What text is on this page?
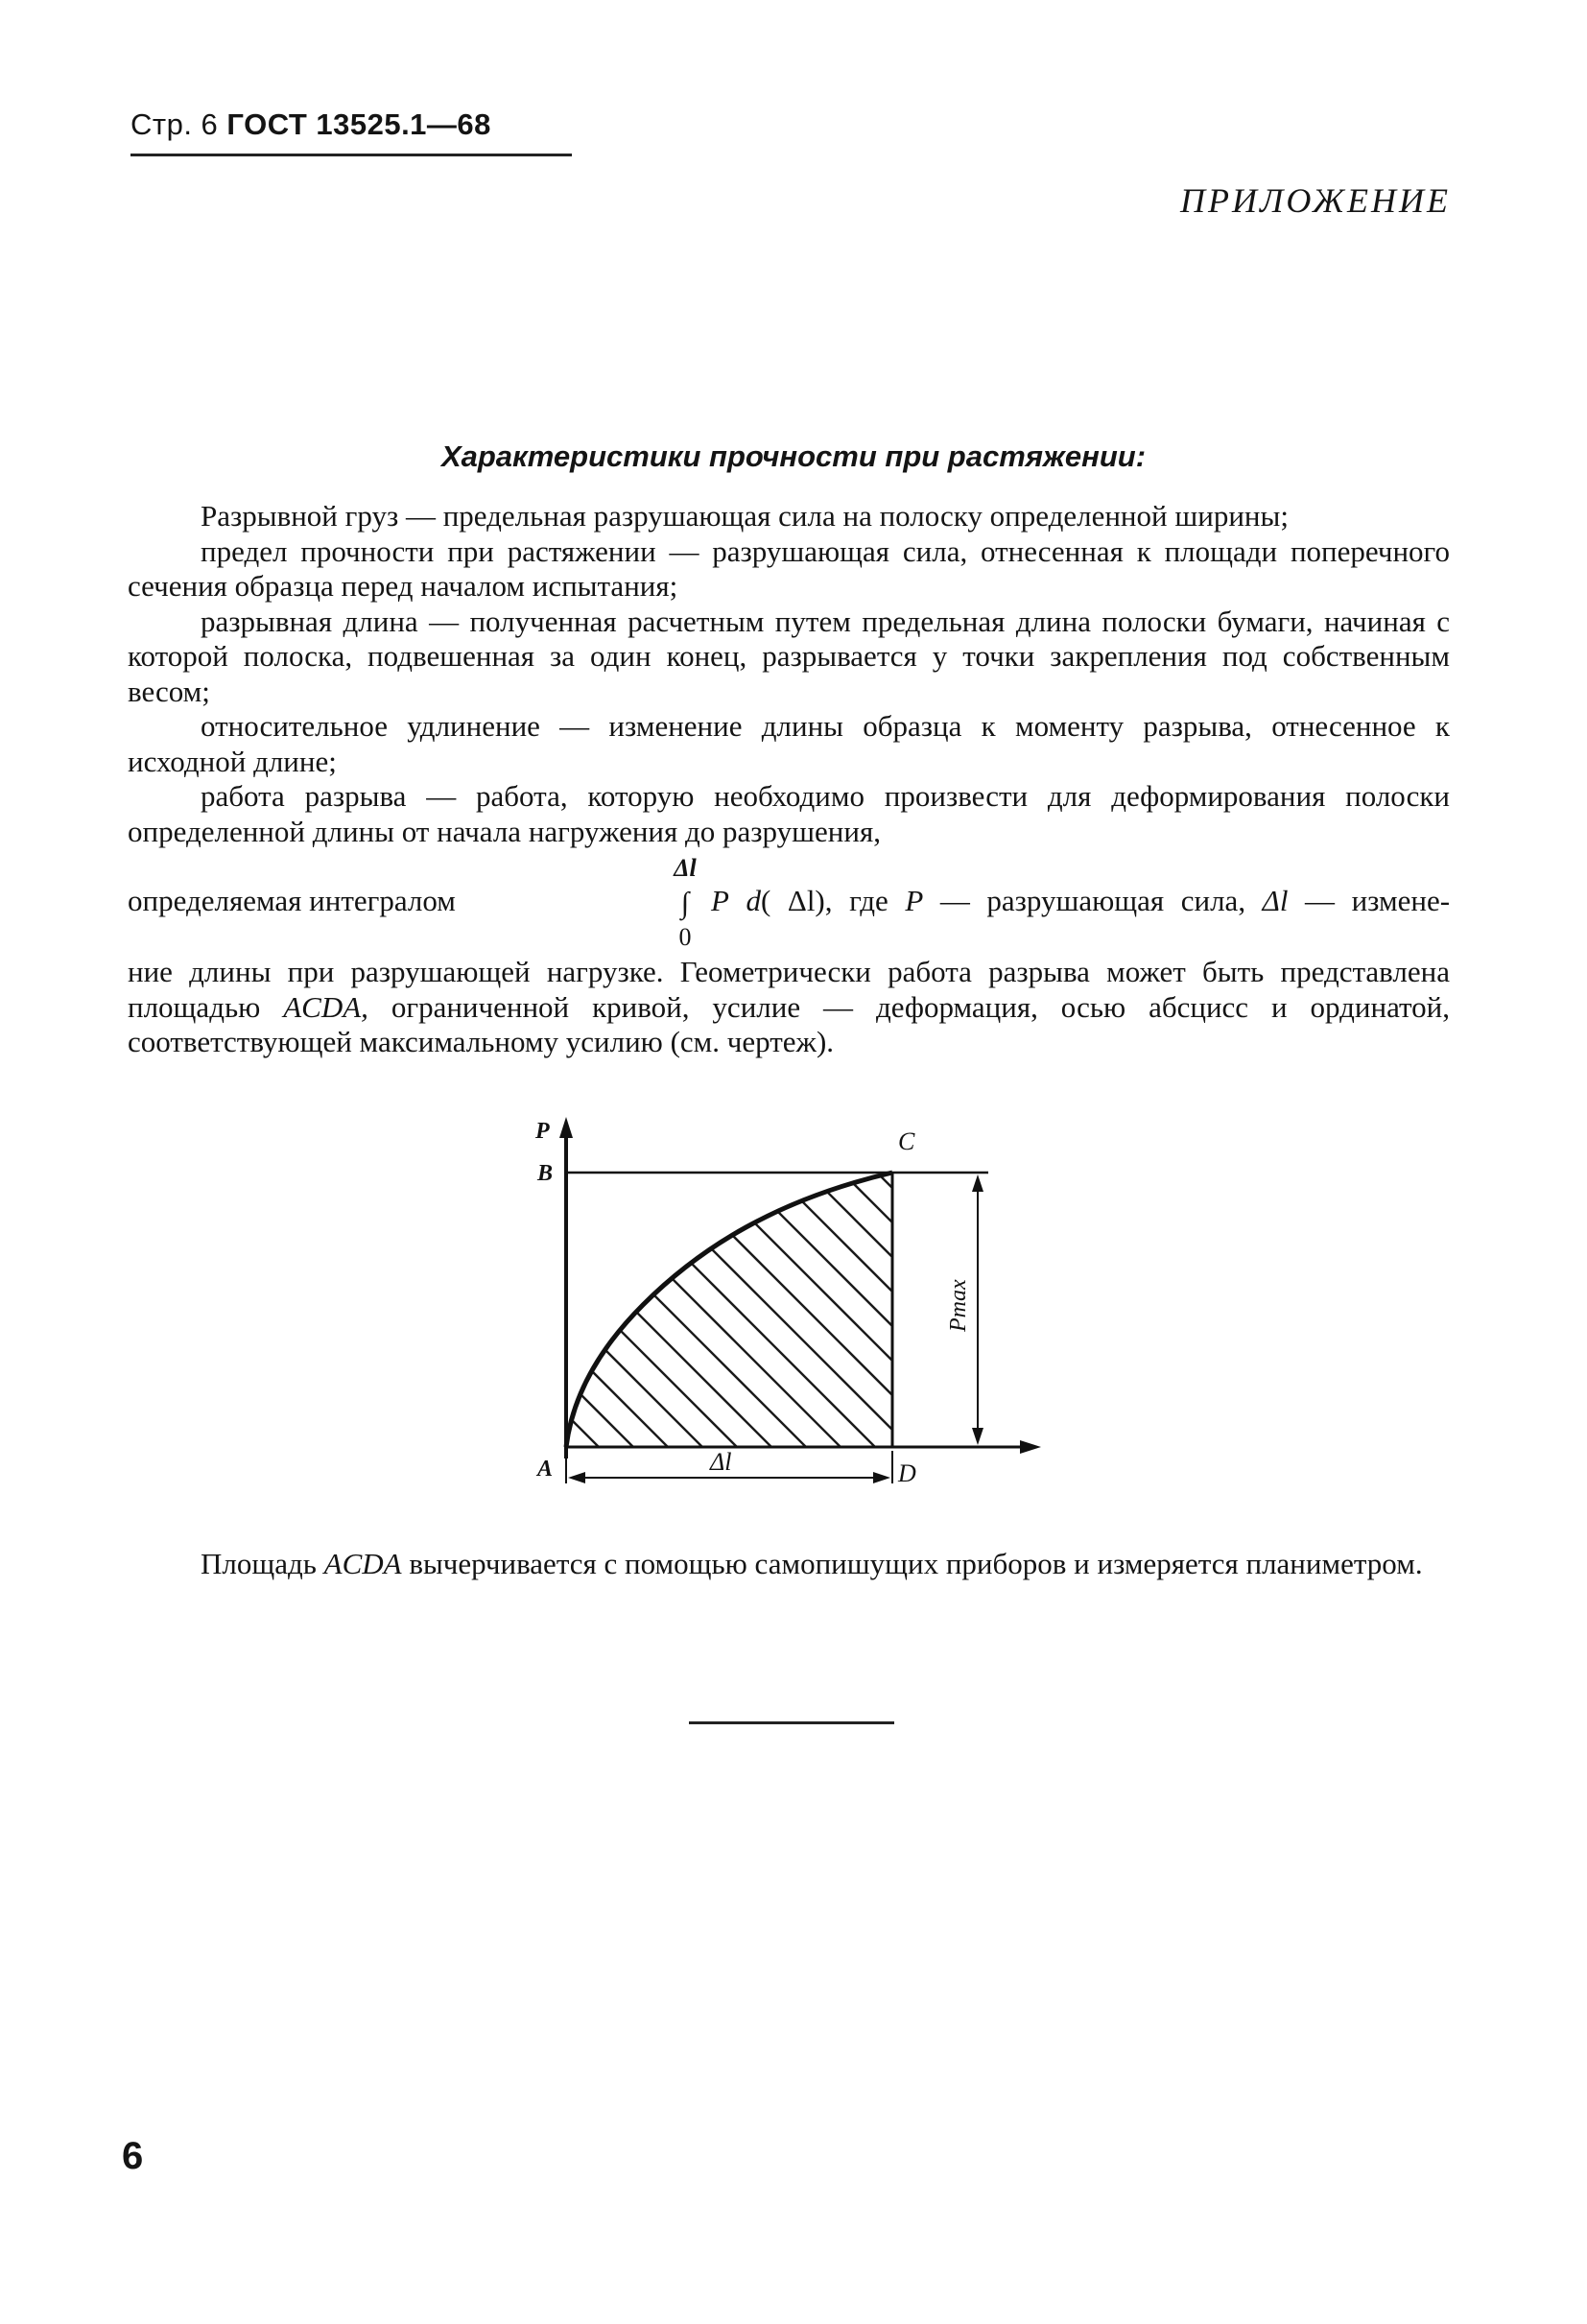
Стр. 6 ГОСТ 13525.1—68
ПРИЛОЖЕНИЕ
Характеристики прочности при растяжении:

Разрывной груз — предельная разрушающая сила на полоску определенной ширины;

предел прочности при растяжении — разрушающая сила, отнесенная к площади поперечного сечения образца перед началом испытания;

разрывная длина — полученная расчетным путем предельная длина полоски бумаги, начиная с которой полоска, подвешенная за один конец, разрывается у точки закрепления под собственным весом;

относительное удлинение — изменение длины образца к моменту разрыва, отнесенное к исходной длине;

работа разрыва — работа, которую необходимо произвести для деформирования полоски определенной длины от начала нагружения до разрушения,

определяемая интегралом
Δl
∫
0
P d( Δl), где P — разрушающая сила, Δl — измене-

ние длины при разрушающей нагрузке. Геометрически работа разрыва может быть представлена площадью ACDA, ограниченной кривой, усилие — деформация, осью абсцисс и ординатой, соответствующей максимальному усилию (см. чертеж).

P
B
C
A	D
Pmax
Δl

Площадь ACDA вычерчивается с помощью самопишущих приборов и измеряется планиметром.

6
